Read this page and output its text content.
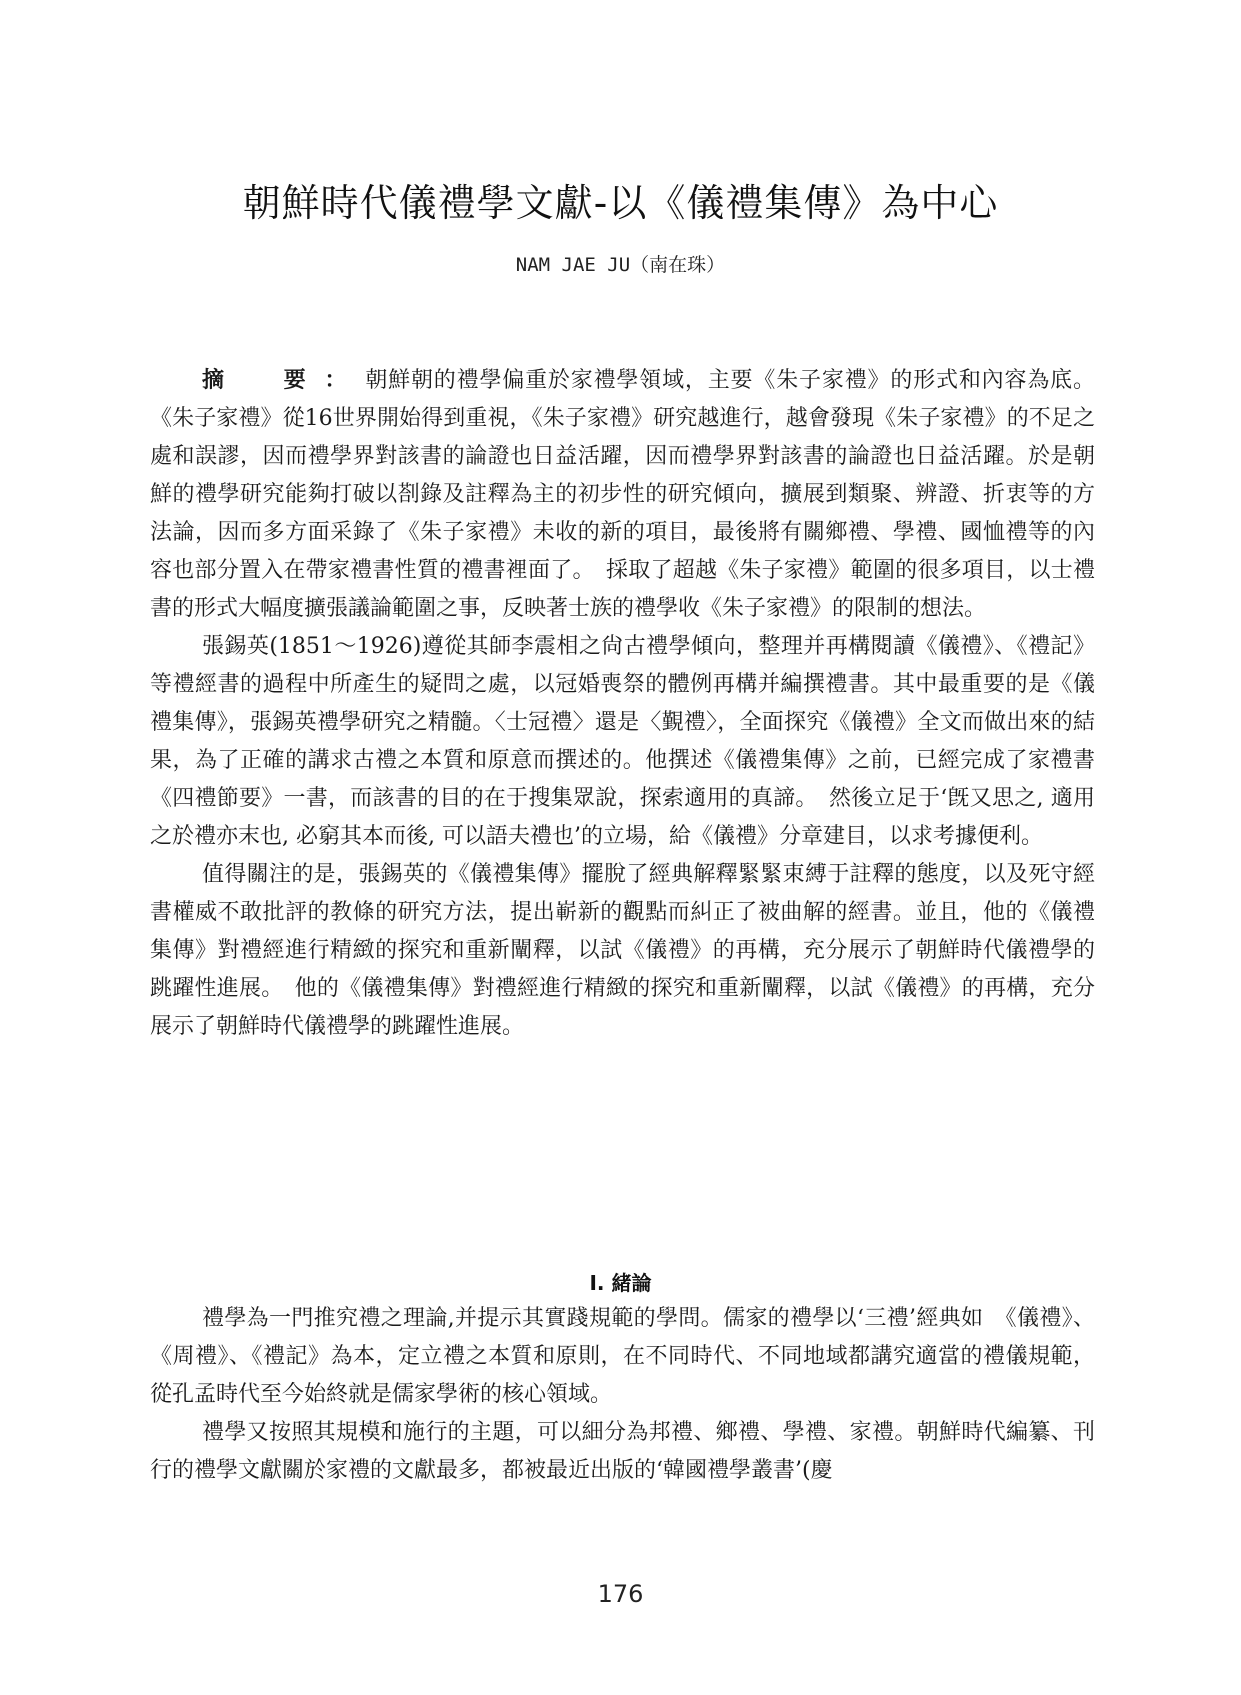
朝鮮時代儀禮學文獻-以《儀禮集傳》為中心
NAM JAE JU（南在珠）

摘　要：朝鮮朝的禮學偏重於家禮學領域，主要《朱子家禮》的形式和內容為底。《朱子家禮》從16世界開始得到重視，《朱子家禮》研究越進行，越會發現《朱子家禮》的不足之處和誤謬，因而禮學界對該書的論證也日益活躍，因而禮學界對該書的論證也日益活躍。於是朝鮮的禮學研究能夠打破以剳錄及註釋為主的初步性的研究傾向，擴展到類聚、辨證、折衷等的方法論，因而多方面采錄了《朱子家禮》未收的新的項目，最後將有關鄉禮、學禮、國恤禮等的內容也部分置入在帶家禮書性質的禮書裡面了。　採取了超越《朱子家禮》範圍的很多項目，以士禮書的形式大幅度擴張議論範圍之事，反映著士族的禮學收《朱子家禮》的限制的想法。

張錫英(1851～1926)遵從其師李震相之尙古禮學傾向，整理并再構閱讀《儀禮》、《禮記》等禮經書的過程中所產生的疑問之處，以冠婚喪祭的體例再構并編撰禮書。其中最重要的是《儀禮集傳》，張錫英禮學研究之精髓。〈士冠禮〉還是〈覲禮〉，全面探究《儀禮》全文而做出來的結果，為了正確的講求古禮之本質和原意而撰述的。他撰述《儀禮集傳》之前，已經完成了家禮書《四禮節要》一書，而該書的目的在于搜集眾說，探索適用的真諦。　然後立足于‘旣又思之, 適用之於禮亦末也, 必窮其本而後, 可以語夫禮也’的立場，給《儀禮》分章建目，以求考據便利。

值得關注的是，張錫英的《儀禮集傳》擺脫了經典解釋緊緊束縛于註釋的態度，以及死守經書權威不敢批評的教條的研究方法，提出嶄新的觀點而糾正了被曲解的經書。並且，他的《儀禮集傳》對禮經進行精緻的探究和重新闡釋，以試《儀禮》的再構，充分展示了朝鮮時代儀禮學的跳躍性進展。　他的《儀禮集傳》對禮經進行精緻的探究和重新闡釋，以試《儀禮》的再構，充分展示了朝鮮時代儀禮學的跳躍性進展。

Ⅰ. 緒論

禮學為一門推究禮之理論,并提示其實踐規範的學問。儒家的禮學以‘三禮’經典如　《儀禮》、《周禮》、《禮記》為本，定立禮之本質和原則，在不同時代、不同地域都講究適當的禮儀規範，從孔孟時代至今始終就是儒家學術的核心領域。

禮學又按照其規模和施行的主題，可以細分為邦禮、鄉禮、學禮、家禮。朝鮮時代編纂、刊行的禮學文獻關於家禮的文獻最多，都被最近出版的‘韓國禮學叢書’(慶

176
